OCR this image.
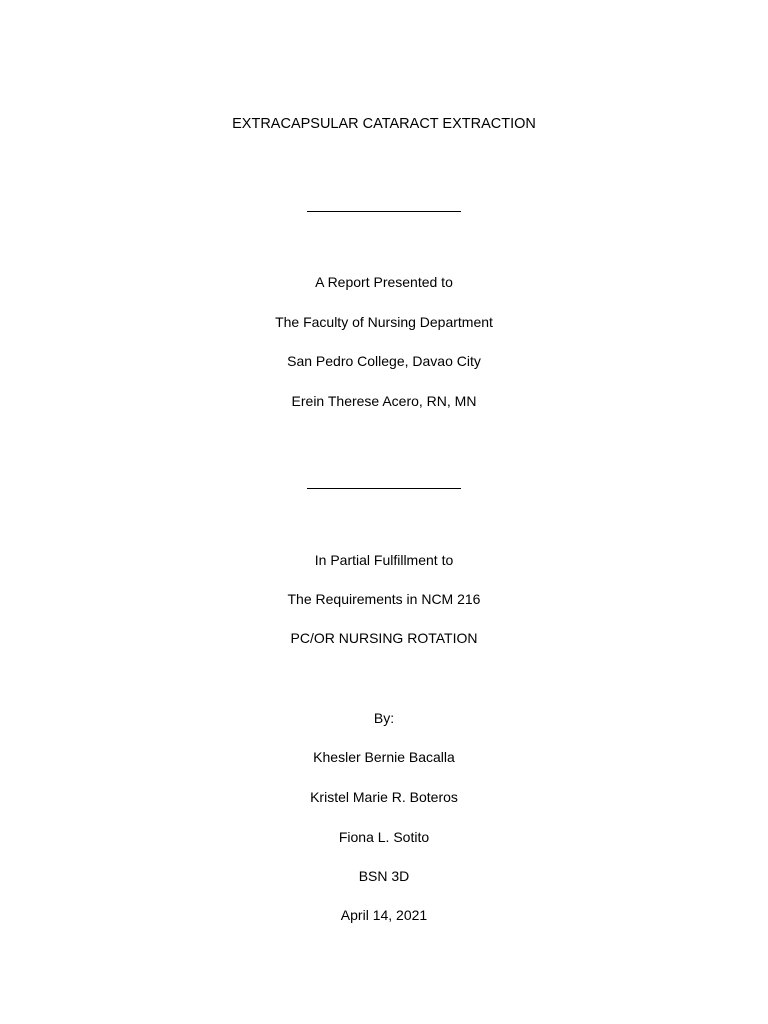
EXTRACAPSULAR CATARACT EXTRACTION
A Report Presented to
The Faculty of Nursing Department
San Pedro College, Davao City
Erein Therese Acero, RN, MN
In Partial Fulfillment to
The Requirements in NCM 216
PC/OR NURSING ROTATION
By:
Khesler Bernie Bacalla
Kristel Marie R. Boteros
Fiona L. Sotito
BSN 3D
April 14, 2021
